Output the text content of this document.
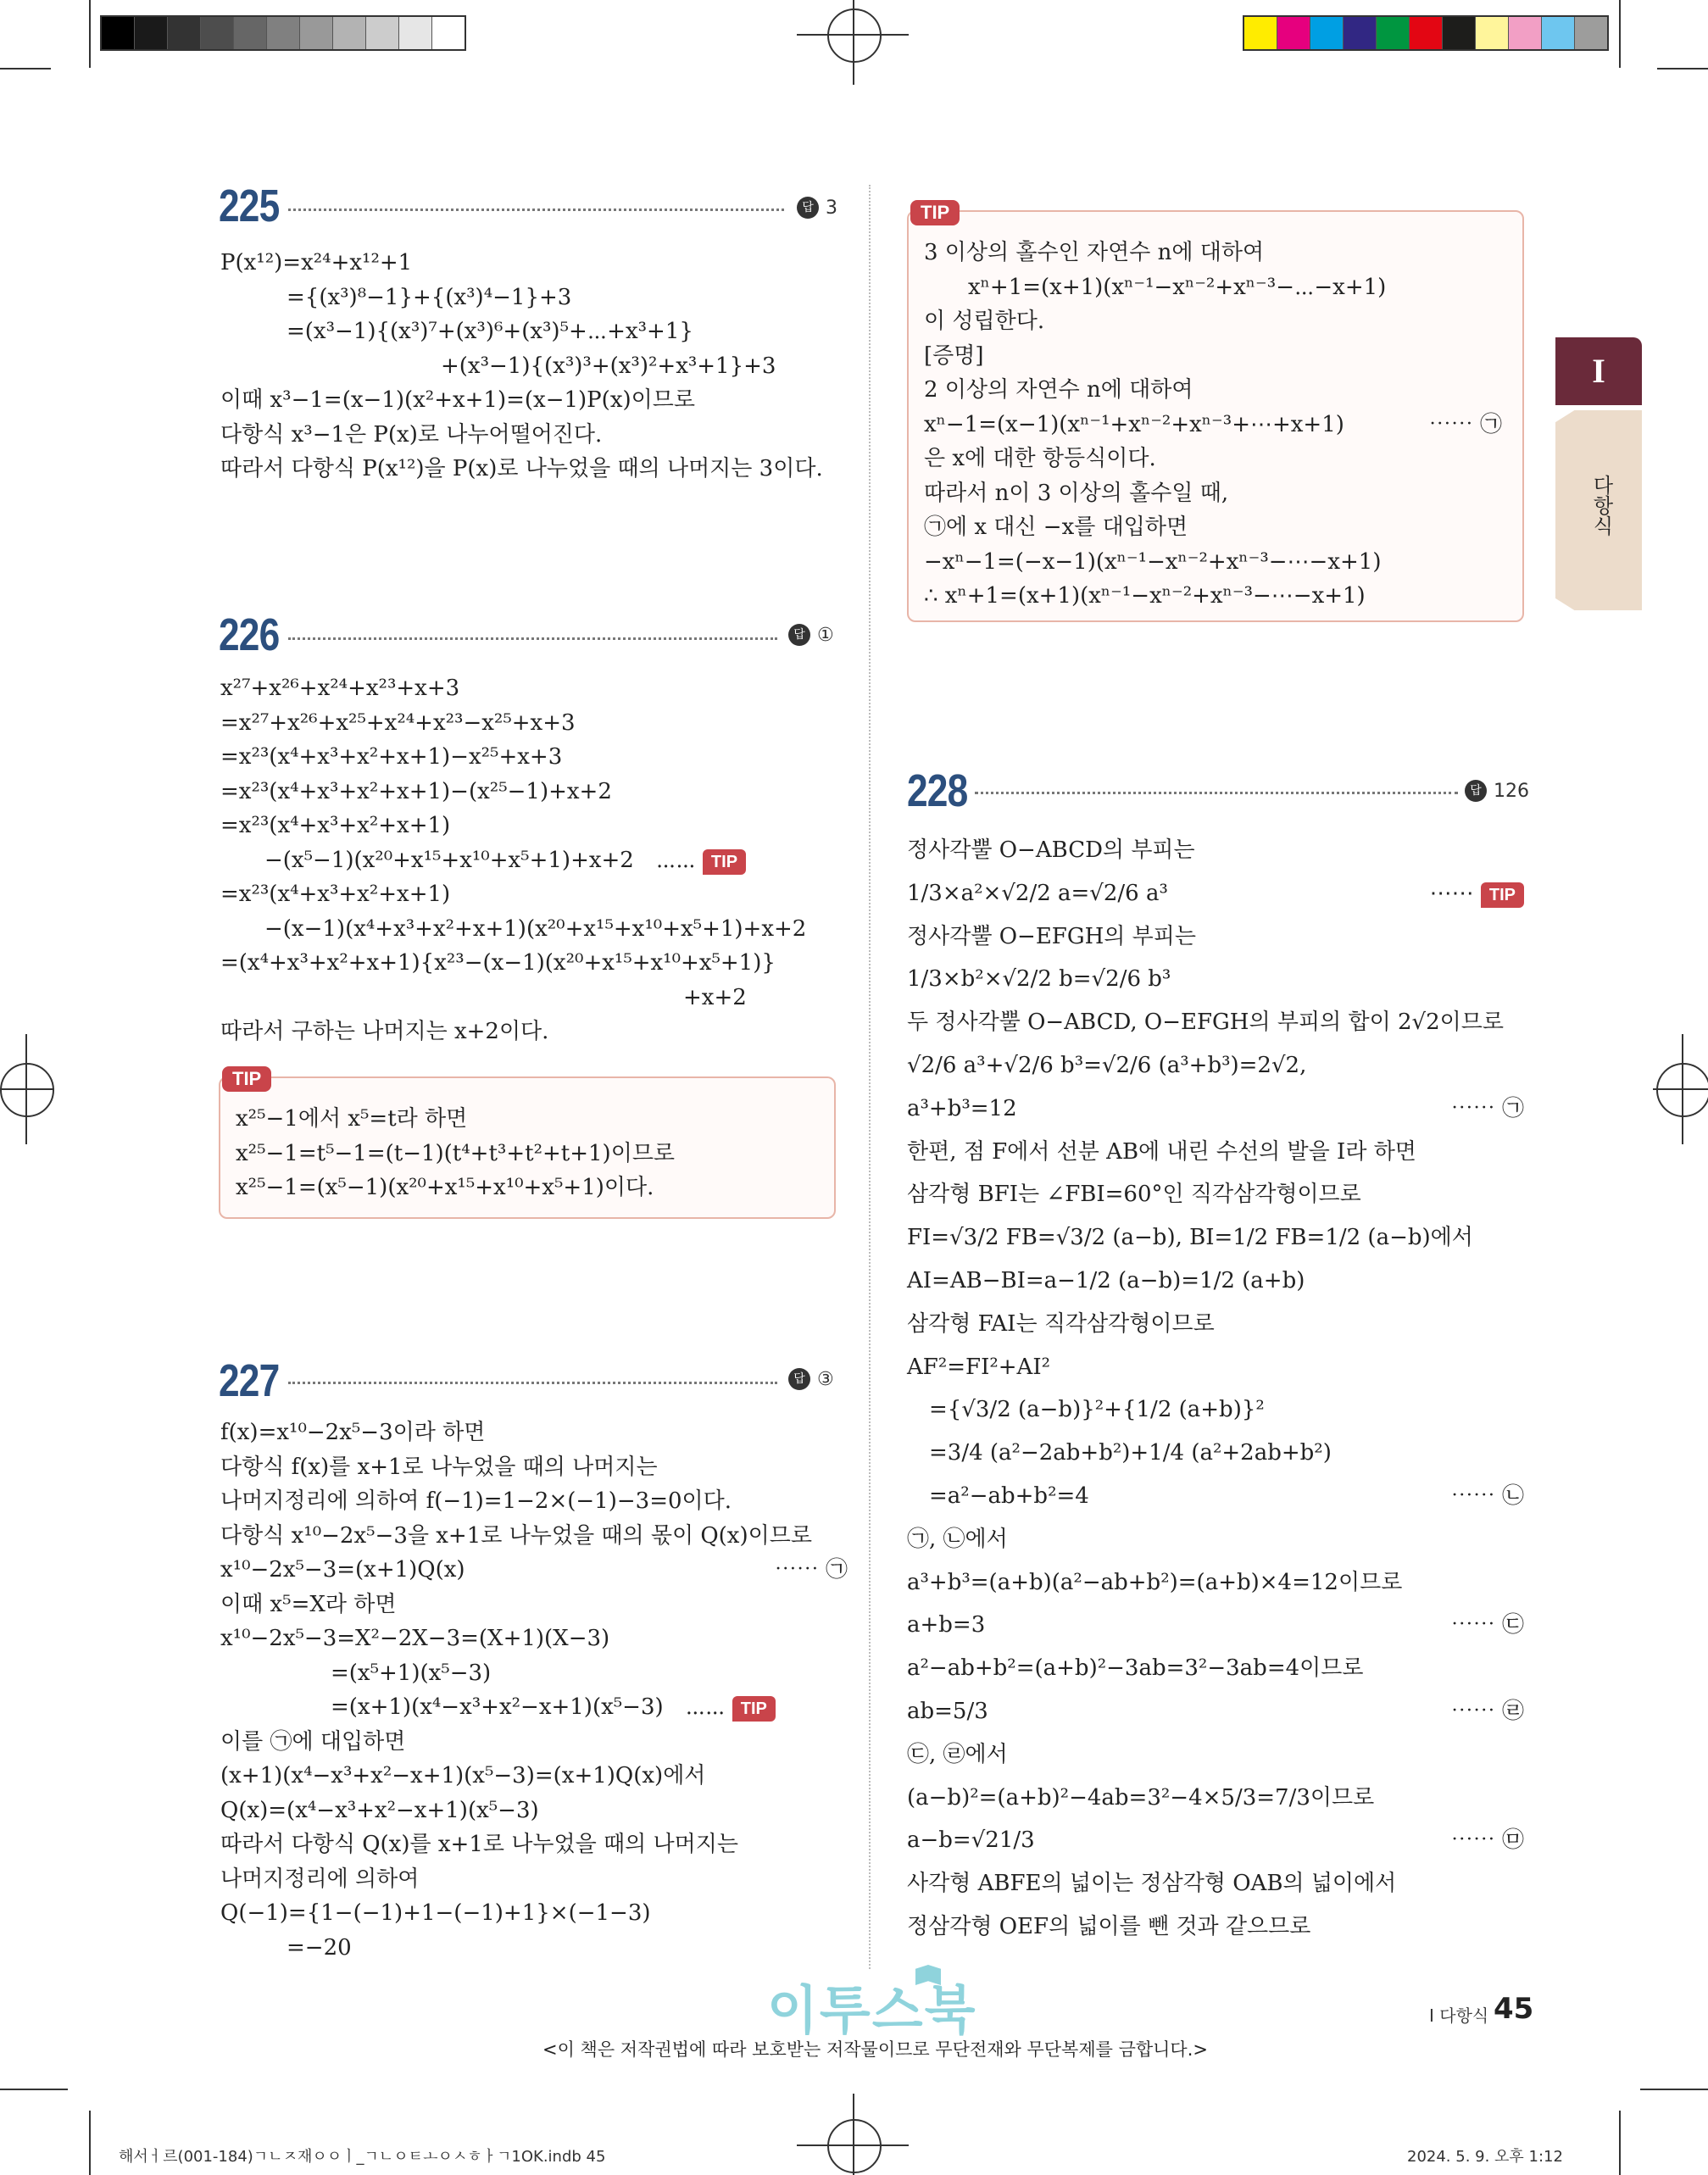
I
다항식
225	답 3
P(x¹²)=x²⁴+x¹²+1
　　　={(x³)⁸−1}+{(x³)⁴−1}+3
　　　=(x³−1){(x³)⁷+(x³)⁶+(x³)⁵+⋯+x³+1}
　　　　　　　　　　+(x³−1){(x³)³+(x³)²+x³+1}+3
이때 x³−1=(x−1)(x²+x+1)=(x−1)P(x)이므로
다항식 x³−1은 P(x)로 나누어떨어진다.
따라서 다항식 P(x¹²)을 P(x)로 나누었을 때의 나머지는 3이다.
226	답 ①
x²⁷+x²⁶+x²⁴+x²³+x+3
=x²⁷+x²⁶+x²⁵+x²⁴+x²³−x²⁵+x+3
=x²³(x⁴+x³+x²+x+1)−x²⁵+x+3
=x²³(x⁴+x³+x²+x+1)−(x²⁵−1)+x+2
=x²³(x⁴+x³+x²+x+1)
　　−(x⁵−1)(x²⁰+x¹⁵+x¹⁰+x⁵+1)+x+2　⋯⋯ TIP
=x²³(x⁴+x³+x²+x+1)
　　−(x−1)(x⁴+x³+x²+x+1)(x²⁰+x¹⁵+x¹⁰+x⁵+1)+x+2
=(x⁴+x³+x²+x+1){x²³−(x−1)(x²⁰+x¹⁵+x¹⁰+x⁵+1)}
　　　　　　　　　　　　　　　　　　　　　+x+2
따라서 구하는 나머지는 x+2이다.
TIP
x²⁵−1에서 x⁵=t라 하면
x²⁵−1=t⁵−1=(t−1)(t⁴+t³+t²+t+1)이므로
x²⁵−1=(x⁵−1)(x²⁰+x¹⁵+x¹⁰+x⁵+1)이다.
227	답 ③
f(x)=x¹⁰−2x⁵−3이라 하면
다항식 f(x)를 x+1로 나누었을 때의 나머지는
나머지정리에 의하여 f(−1)=1−2×(−1)−3=0이다.
다항식 x¹⁰−2x⁵−3을 x+1로 나누었을 때의 몫이 Q(x)이므로
x¹⁰−2x⁵−3=(x+1)Q(x)	⋯⋯ ㉠
이때 x⁵=X라 하면
x¹⁰−2x⁵−3=X²−2X−3=(X+1)(X−3)
　　　　　=(x⁵+1)(x⁵−3)
　　　　　=(x+1)(x⁴−x³+x²−x+1)(x⁵−3)　⋯⋯ TIP
이를 ㉠에 대입하면
(x+1)(x⁴−x³+x²−x+1)(x⁵−3)=(x+1)Q(x)에서
Q(x)=(x⁴−x³+x²−x+1)(x⁵−3)
따라서 다항식 Q(x)를 x+1로 나누었을 때의 나머지는
나머지정리에 의하여
Q(−1)={1−(−1)+1−(−1)+1}×(−1−3)
　　　=−20
TIP
3 이상의 홀수인 자연수 n에 대하여
　　xⁿ+1=(x+1)(xⁿ⁻¹−xⁿ⁻²+xⁿ⁻³−⋯−x+1)
이 성립한다.
[증명]
2 이상의 자연수 n에 대하여
xⁿ−1=(x−1)(xⁿ⁻¹+xⁿ⁻²+xⁿ⁻³+⋯+x+1)	⋯⋯ ㉠
은 x에 대한 항등식이다.
따라서 n이 3 이상의 홀수일 때,
㉠에 x 대신 −x를 대입하면
−xⁿ−1=(−x−1)(xⁿ⁻¹−xⁿ⁻²+xⁿ⁻³−⋯−x+1)
∴ xⁿ+1=(x+1)(xⁿ⁻¹−xⁿ⁻²+xⁿ⁻³−⋯−x+1)
228	답 126
정사각뿔 O−ABCD의 부피는
1/3×a²×√2/2 a=√2/6 a³	⋯⋯ TIP
정사각뿔 O−EFGH의 부피는
1/3×b²×√2/2 b=√2/6 b³
두 정사각뿔 O−ABCD, O−EFGH의 부피의 합이 2√2이므로
√2/6 a³+√2/6 b³=√2/6 (a³+b³)=2√2,
a³+b³=12	⋯⋯ ㉠
한편, 점 F에서 선분 AB에 내린 수선의 발을 I라 하면
삼각형 BFI는 ∠FBI=60°인 직각삼각형이므로
FI=√3/2 FB=√3/2 (a−b), BI=1/2 FB=1/2 (a−b)에서
AI=AB−BI=a−1/2 (a−b)=1/2 (a+b)
삼각형 FAI는 직각삼각형이므로
AF²=FI²+AI²
　={√3/2 (a−b)}²+{1/2 (a+b)}²
　=3/4 (a²−2ab+b²)+1/4 (a²+2ab+b²)
　=a²−ab+b²=4	⋯⋯ ㉡
㉠, ㉡에서
a³+b³=(a+b)(a²−ab+b²)=(a+b)×4=12이므로
a+b=3	⋯⋯ ㉢
a²−ab+b²=(a+b)²−3ab=3²−3ab=4이므로
ab=5/3	⋯⋯ ㉣
㉢, ㉣에서
(a−b)²=(a+b)²−4ab=3²−4×5/3=7/3이므로
a−b=√21/3	⋯⋯ ㉤
사각형 ABFE의 넓이는 정삼각형 OAB의 넓이에서
정삼각형 OEF의 넓이를 뺀 것과 같으므로
이투스북	I 다항식 45
<이 책은 저작권법에 따라 보호받는 저작물이므로 무단전재와 무단복제를 금합니다.>
해서ㅓ르(001-184)ㄱㄴㅈ재ㅇㅇㅣ_ㄱㄴㅇㅌㅗㅇㅅㅎㅏㄱ1OK.indb 45	2024. 5. 9. 오후 1:12
